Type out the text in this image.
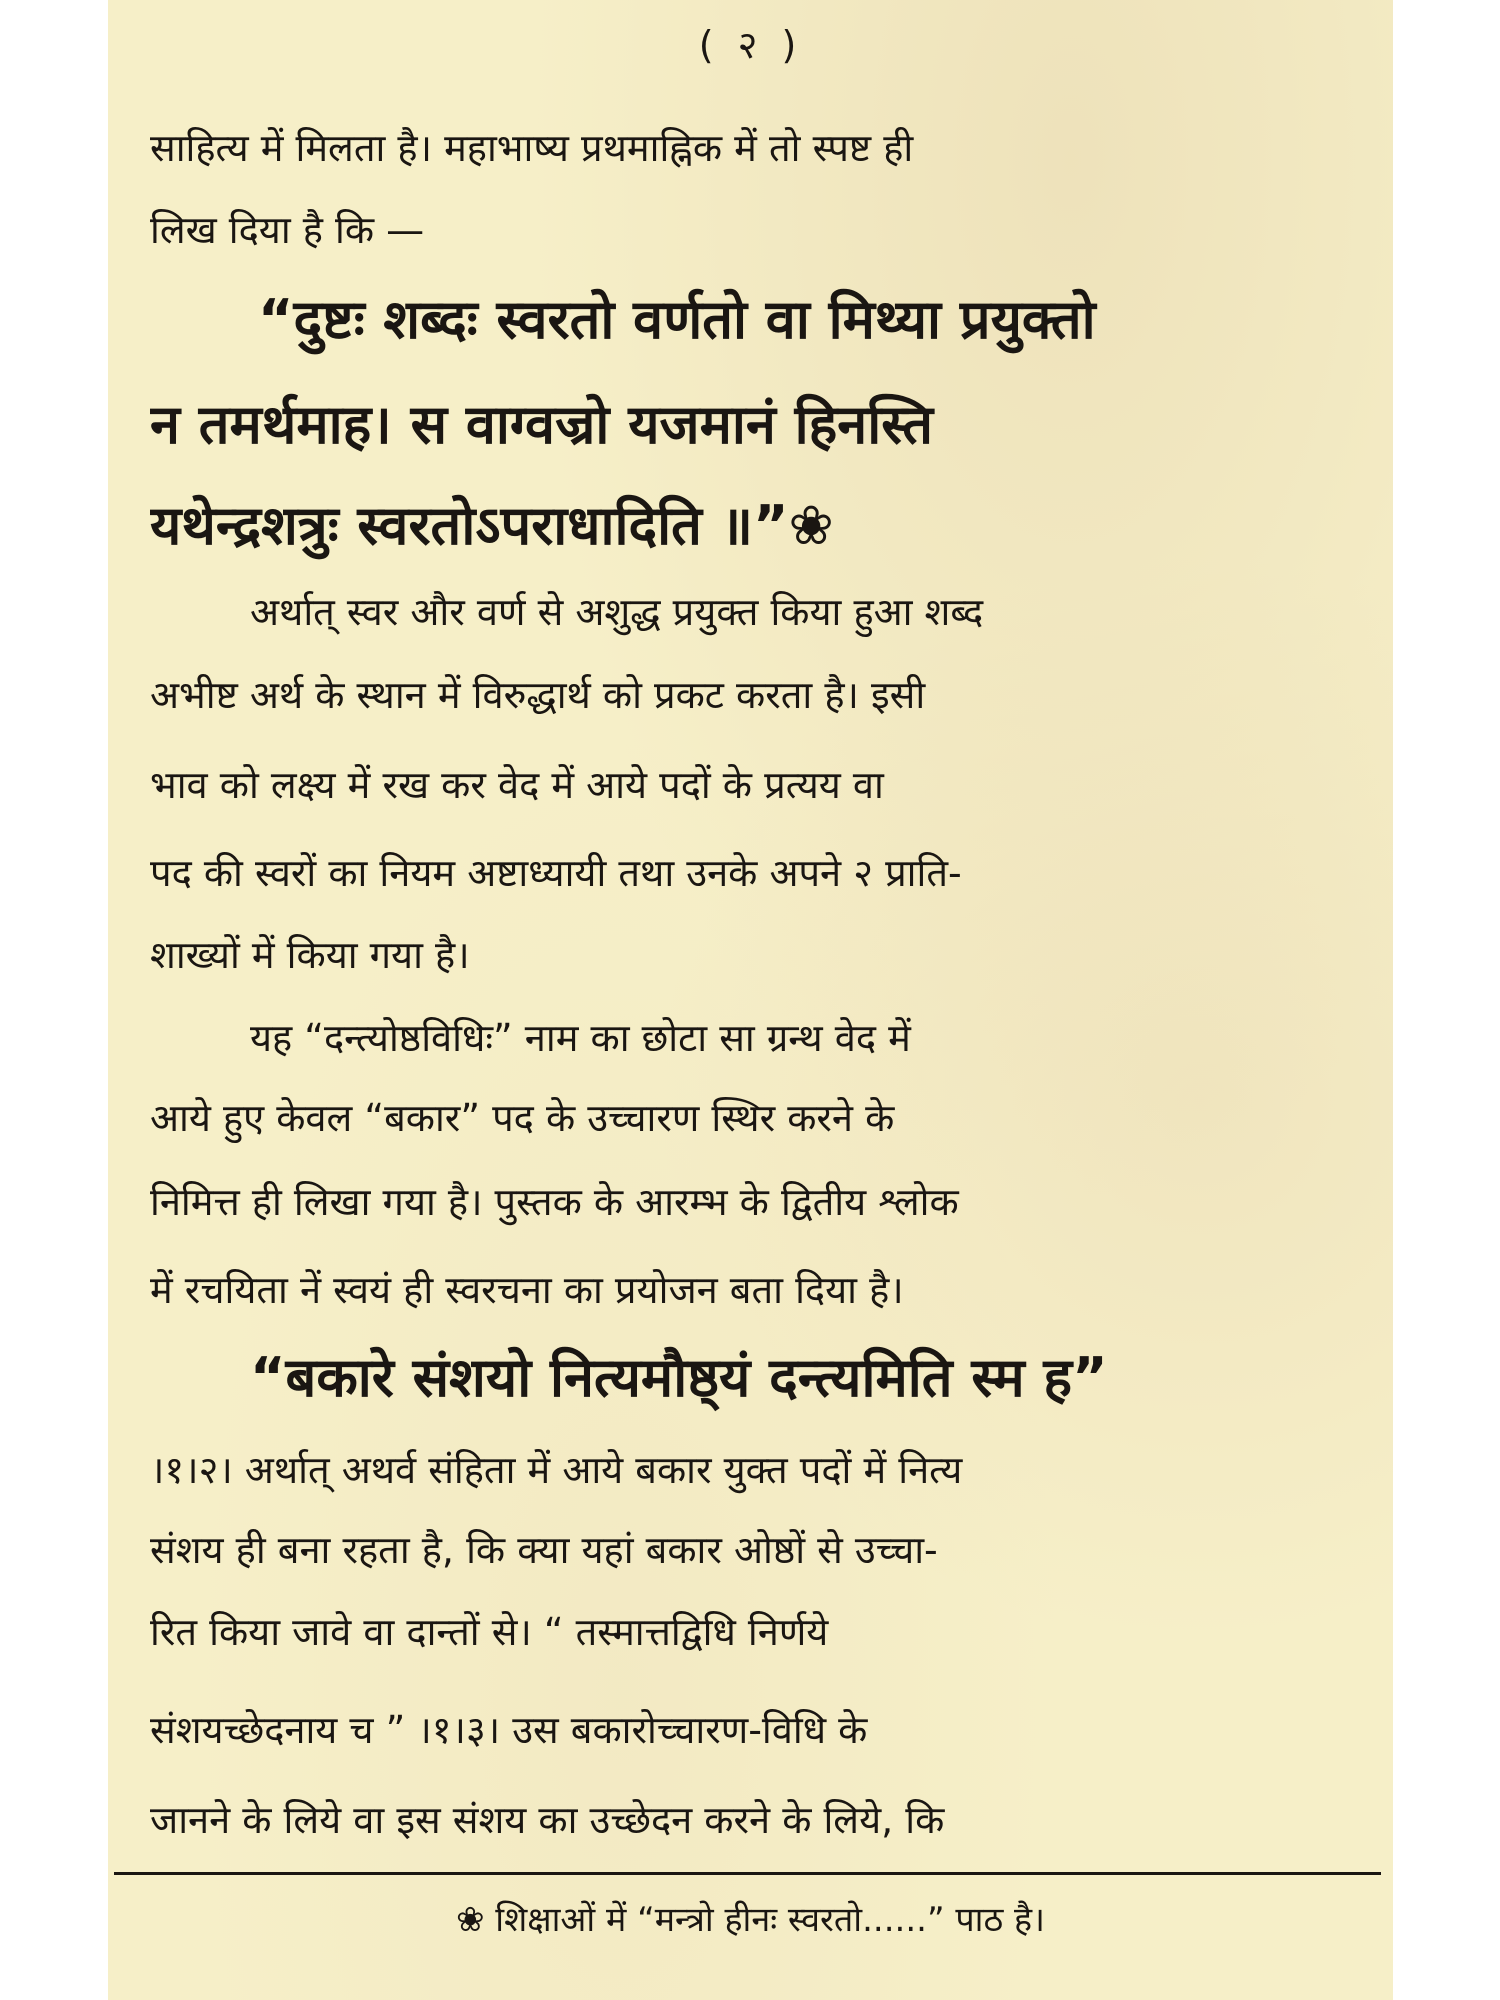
( २ )
साहित्य में मिलता है। महाभाष्य प्रथमाह्निक में तो स्पष्ट ही
लिख दिया है कि —
“दुष्टः शब्दः स्वरतो वर्णतो वा मिथ्या प्रयुक्तो
न तमर्थमाह। स वाग्वज्रो यजमानं हिनस्ति
यथेन्द्रशत्रुः स्वरतोऽपराधादिति ॥”❀
अर्थात् स्वर और वर्ण से अशुद्ध प्रयुक्त किया हुआ शब्द
अभीष्ट अर्थ के स्थान में विरुद्धार्थ को प्रकट करता है। इसी
भाव को लक्ष्य में रख कर वेद में आये पदों के प्रत्यय वा
पद की स्वरों का नियम अष्टाध्यायी तथा उनके अपने २ प्राति-
शाख्यों में किया गया है।
यह “दन्त्योष्ठविधिः” नाम का छोटा सा ग्रन्थ वेद में
आये हुए केवल “बकार” पद के उच्चारण स्थिर करने के
निमित्त ही लिखा गया है। पुस्तक के आरम्भ के द्वितीय श्लोक
में रचयिता नें स्वयं ही स्वरचना का प्रयोजन बता दिया है।
“बकारे संशयो नित्यमौष्ठ्यं दन्त्यमिति स्म ह”
।१।२। अर्थात् अथर्व संहिता में आये बकार युक्त पदों में नित्य
संशय ही बना रहता है, कि क्या यहां बकार ओष्ठों से उच्चा-
रित किया जावे वा दान्तों से। “ तस्मात्तद्विधि निर्णये
संशयच्छेदनाय च ” ।१।३। उस बकारोच्चारण-विधि के
जानने के लिये वा इस संशय का उच्छेदन करने के लिये, कि
❀ शिक्षाओं में “मन्त्रो हीनः स्वरतो......” पाठ है।
